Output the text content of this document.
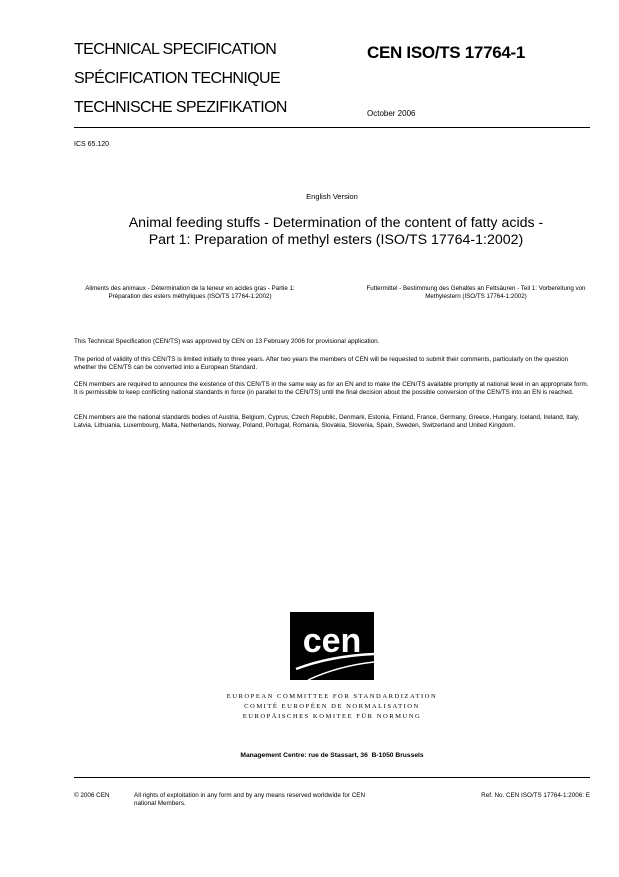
TECHNICAL SPECIFICATION
SPÉCIFICATION TECHNIQUE
TECHNISCHE SPEZIFIKATION
CEN ISO/TS 17764-1
October 2006
ICS 65.120
English Version
Animal feeding stuffs - Determination of the content of fatty acids - Part 1: Preparation of methyl esters (ISO/TS 17764-1:2002)
Aliments des animaux - Détermination de la teneur en acides gras - Partie 1: Préparation des esters méthyliques (ISO/TS 17764-1:2002)
Futtermittel - Bestimmung des Gehaltes an Fettsäuren - Teil 1: Vorbereitung von Methylestern (ISO/TS 17764-1:2002)
This Technical Specification (CEN/TS) was approved by CEN on 13 February 2006 for provisional application.
The period of validity of this CEN/TS is limited initially to three years. After two years the members of CEN will be requested to submit their comments, particularly on the question whether the CEN/TS can be converted into a European Standard.
CEN members are required to announce the existence of this CEN/TS in the same way as for an EN and to make the CEN/TS available promptly at national level in an appropriate form. It is permissible to keep conflicting national standards in force (in parallel to the CEN/TS) until the final decision about the possible conversion of the CEN/TS into an EN is reached.
CEN members are the national standards bodies of Austria, Belgium, Cyprus, Czech Republic, Denmark, Estonia, Finland, France, Germany, Greece, Hungary, Iceland, Ireland, Italy, Latvia, Lithuania, Luxembourg, Malta, Netherlands, Norway, Poland, Portugal, Romania, Slovakia, Slovenia, Spain, Sweden, Switzerland and United Kingdom.
cen
EUROPEAN COMMITTEE FOR STANDARDIZATION
COMITÉ EUROPÉEN DE NORMALISATION
EUROPÄISCHES KOMITEE FÜR NORMUNG
Management Centre: rue de Stassart, 36  B-1050 Brussels
© 2006 CEN	All rights of exploitation in any form and by any means reserved worldwide for CEN national Members.
Ref. No. CEN ISO/TS 17764-1:2006: E
